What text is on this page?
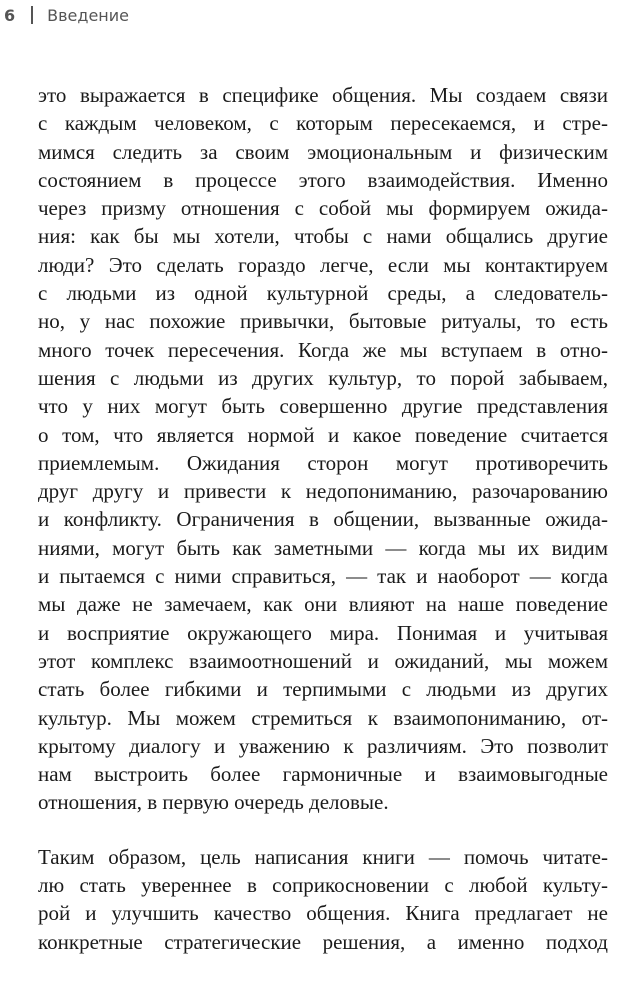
6 Введение
это выражается в специфике общения. Мы создаем связи
с каждым человеком, с которым пересекаемся, и стре-
мимся следить за своим эмоциональным и физическим
состоянием в процессе этого взаимодействия. Именно
через призму отношения с собой мы формируем ожида-
ния: как бы мы хотели, чтобы с нами общались другие
люди? Это сделать гораздо легче, если мы контактируем
с людьми из одной культурной среды, а следователь-
но, у нас похожие привычки, бытовые ритуалы, то есть
много точек пересечения. Когда же мы вступаем в отно-
шения с людьми из других культур, то порой забываем,
что у них могут быть совершенно другие представления
о том, что является нормой и какое поведение считается
приемлемым. Ожидания сторон могут противоречить
друг другу и привести к недопониманию, разочарованию
и конфликту. Ограничения в общении, вызванные ожида-
ниями, могут быть как заметными — когда мы их видим
и пытаемся с ними справиться, — так и наоборот — когда
мы даже не замечаем, как они влияют на наше поведение
и восприятие окружающего мира. Понимая и учитывая
этот комплекс взаимоотношений и ожиданий, мы можем
стать более гибкими и терпимыми с людьми из других
культур. Мы можем стремиться к взаимопониманию, от-
крытому диалогу и уважению к различиям. Это позволит
нам выстроить более гармоничные и взаимовыгодные
отношения, в первую очередь деловые.
Таким образом, цель написания книги — помочь читате-
лю стать увереннее в соприкосновении с любой культу-
рой и улучшить качество общения. Книга предлагает не
конкретные стратегические решения, а именно подход
